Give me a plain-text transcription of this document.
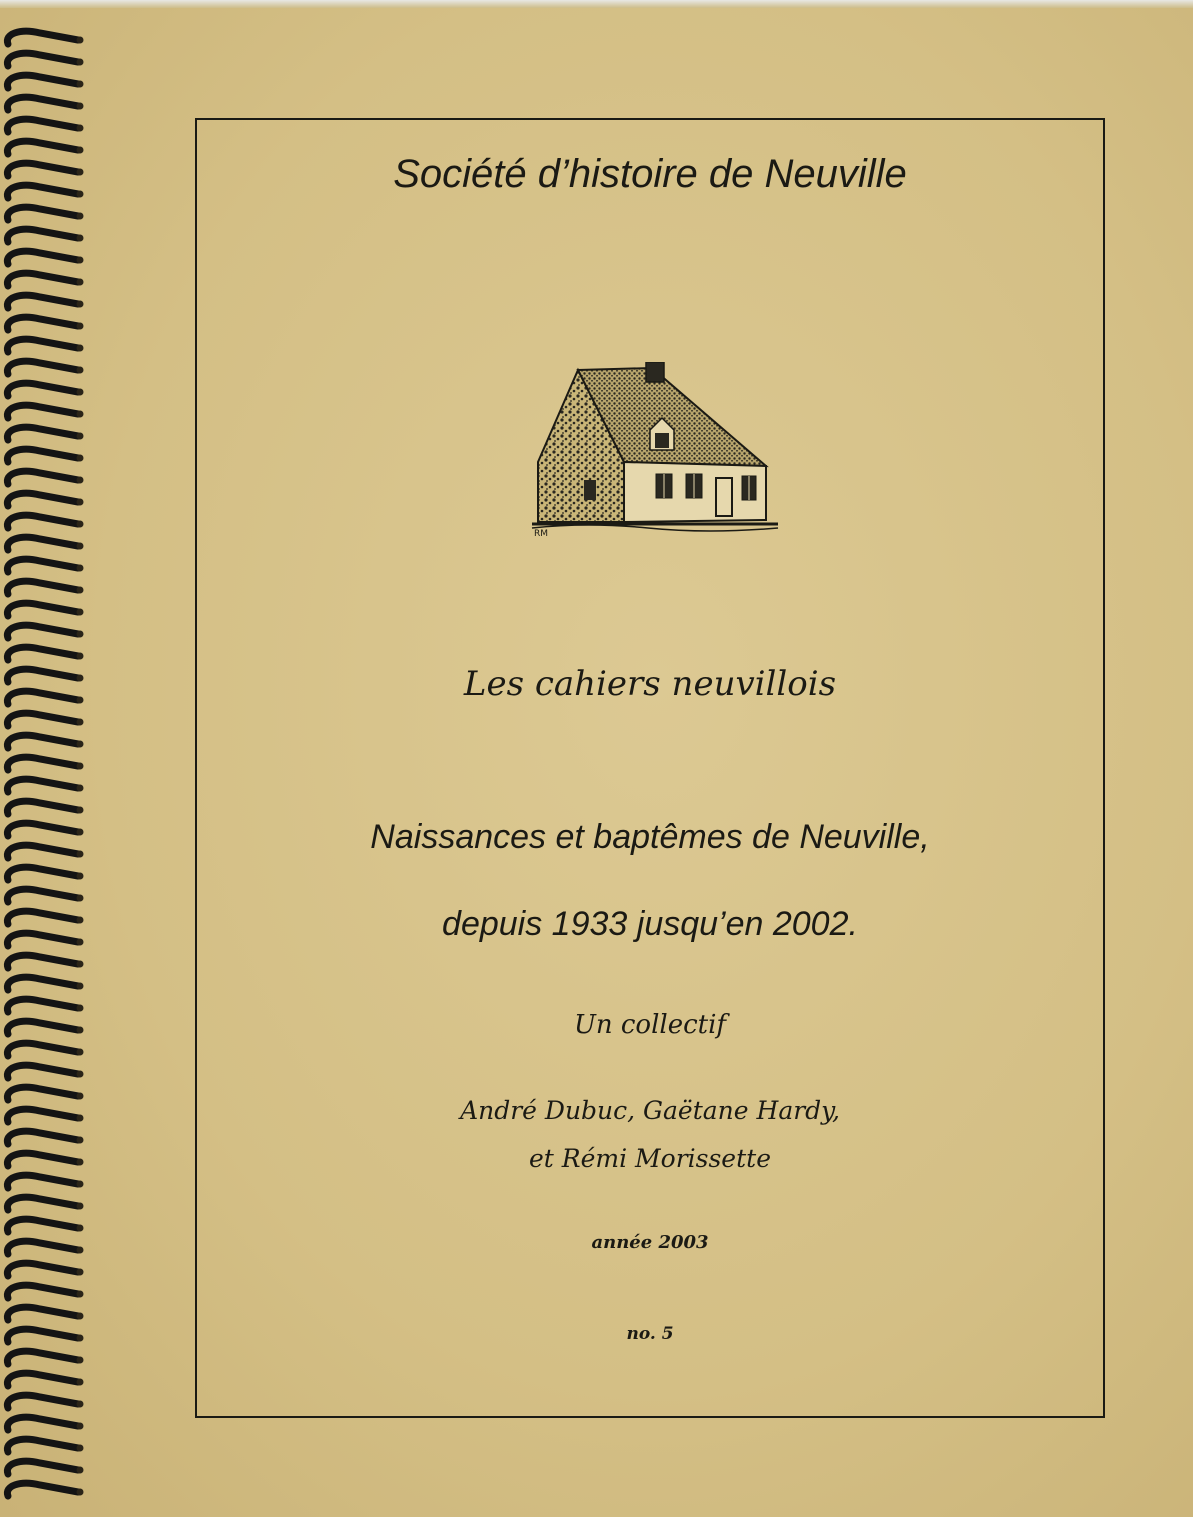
Société d’histoire de Neuville
RM
Les cahiers neuvillois
Naissances et baptêmes de Neuville,
depuis 1933 jusqu’en 2002.
Un collectif
André Dubuc, Gaëtane Hardy,
et Rémi Morissette
année 2003
no. 5
